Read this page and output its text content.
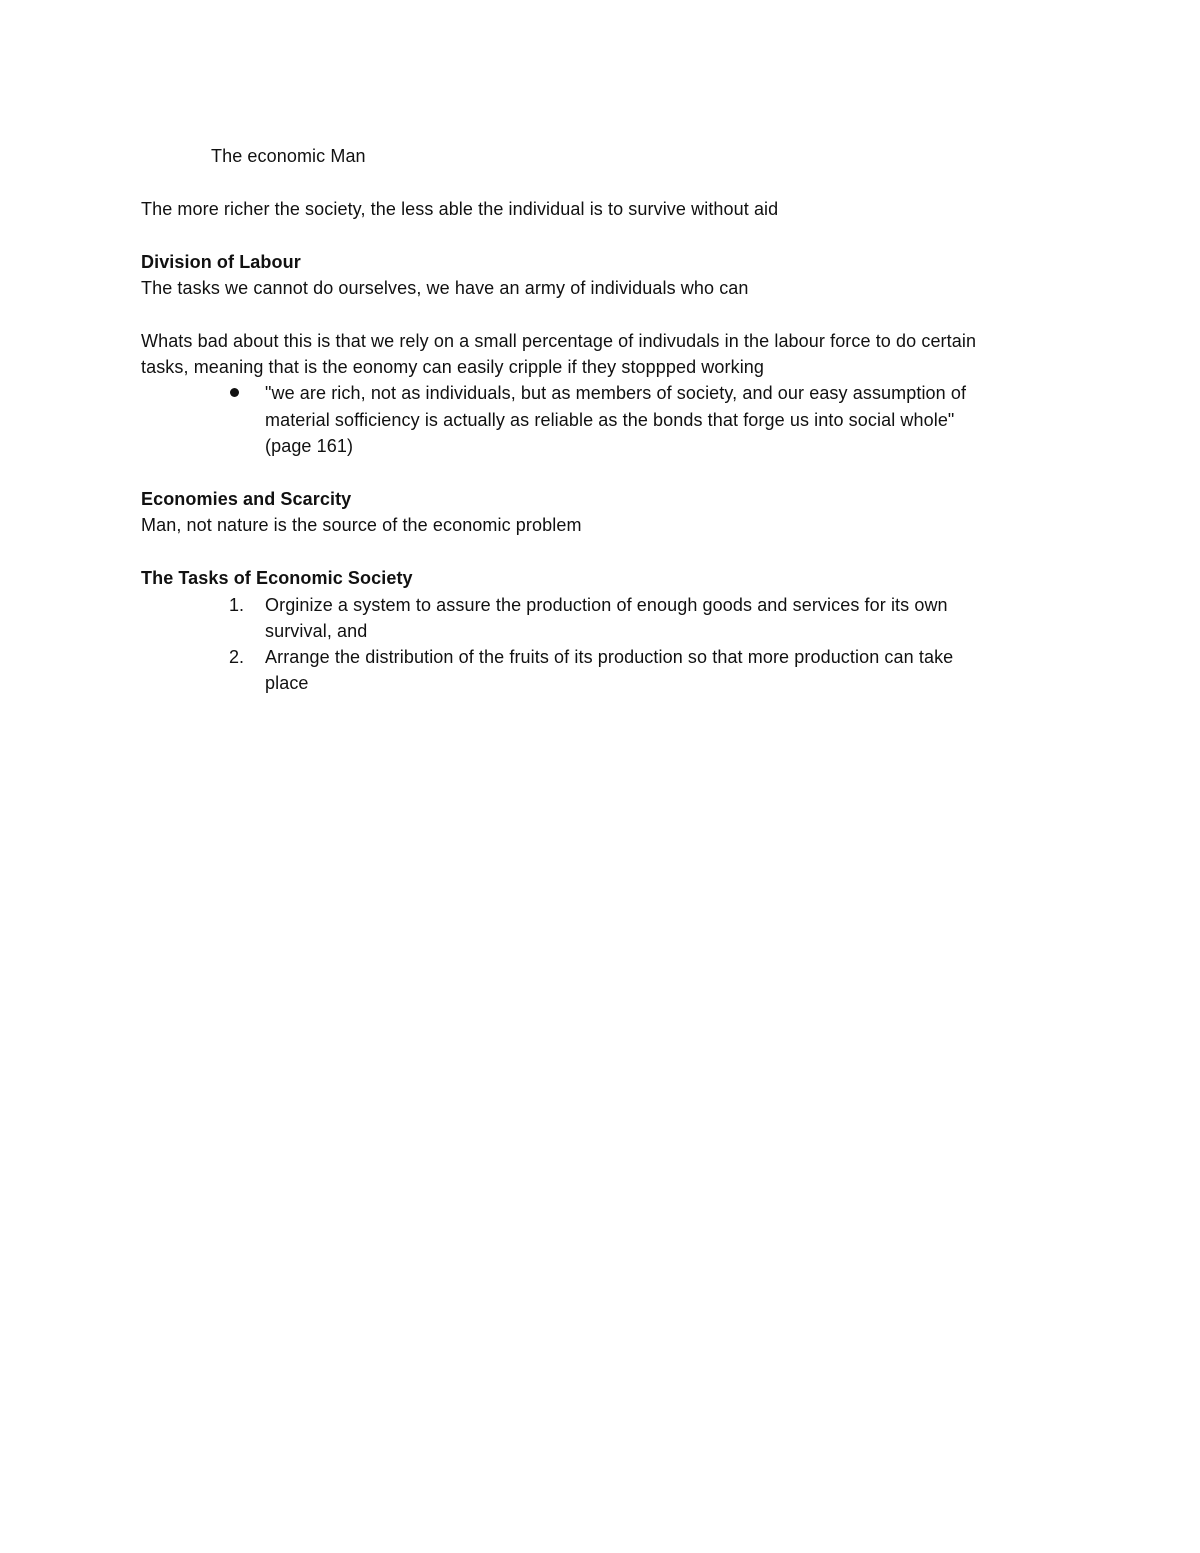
The economic Man
The more richer the society, the less able the individual is to survive without aid
Division of Labour
The tasks we cannot do ourselves, we have an army of individuals who can
Whats bad about this is that we rely on a small percentage of indivudals in the labour force to do certain
tasks, meaning that is the eonomy can easily cripple if they stoppped working
"we are rich, not as individuals, but as members of society, and our easy assumption of
material sofficiency is actually as reliable as the bonds that forge us into social whole"
(page 161)
Economies and Scarcity
Man, not nature is the source of the economic problem
The Tasks of Economic Society
1. Orginize a system to assure the production of enough goods and services for its own
survival, and
2. Arrange the distribution of the fruits of its production so that more production can take
place
